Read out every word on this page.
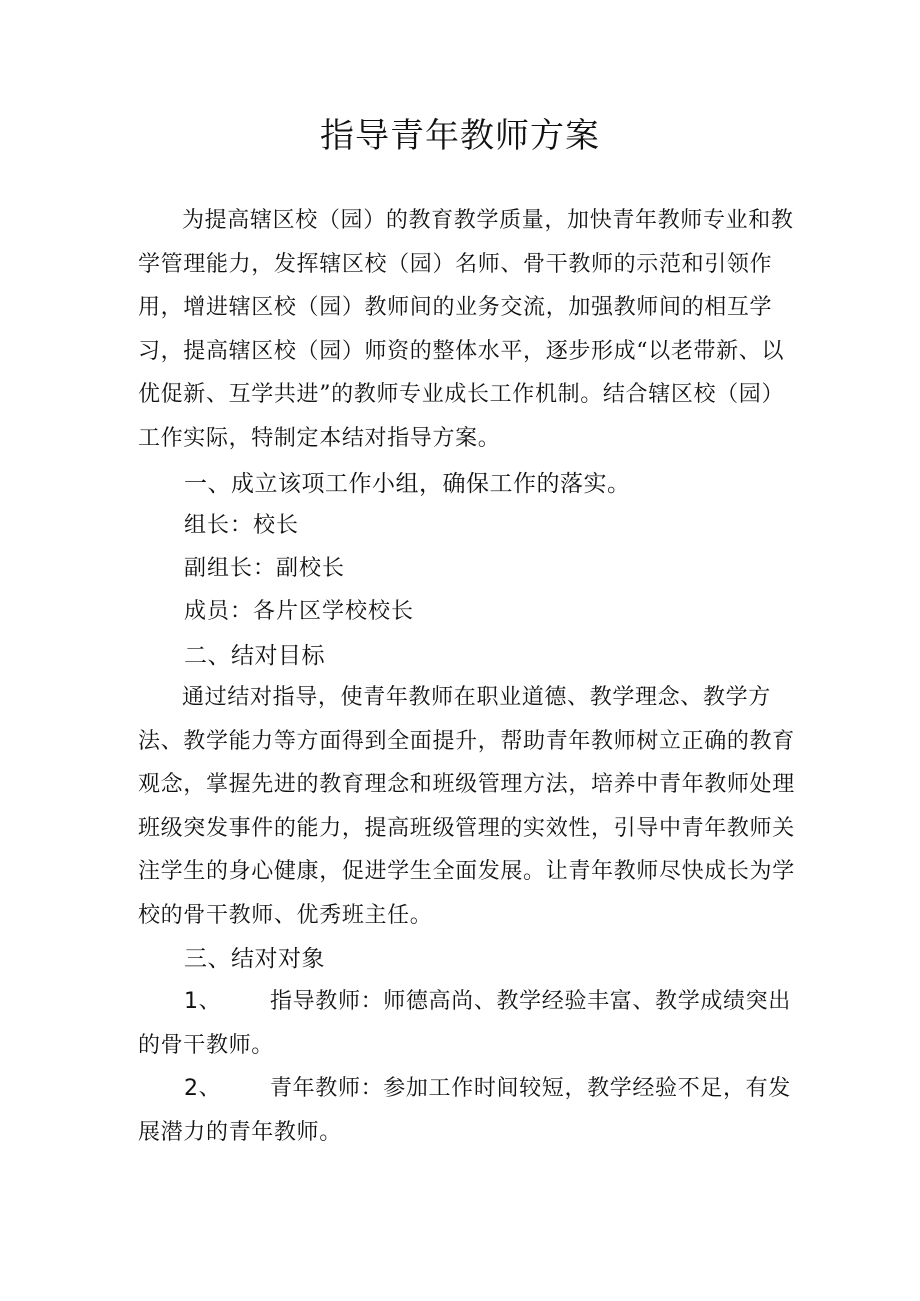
指导青年教师方案
为提高辖区校（园）的教育教学质量，加快青年教师专业和教学管理能力，发挥辖区校（园）名师、骨干教师的示范和引领作用，增进辖区校（园）教师间的业务交流，加强教师间的相互学习，提高辖区校（园）师资的整体水平，逐步形成“以老带新、以优促新、互学共进”的教师专业成长工作机制。结合辖区校（园）工作实际，特制定本结对指导方案。
一、成立该项工作小组，确保工作的落实。
组长：校长
副组长：副校长
成员：各片区学校校长
二、结对目标
通过结对指导，使青年教师在职业道德、教学理念、教学方法、教学能力等方面得到全面提升，帮助青年教师树立正确的教育观念，掌握先进的教育理念和班级管理方法，培养中青年教师处理班级突发事件的能力，提高班级管理的实效性，引导中青年教师关注学生的身心健康，促进学生全面发展。让青年教师尽快成长为学校的骨干教师、优秀班主任。
三、结对对象
1、 指导教师：师德高尚、教学经验丰富、教学成绩突出的骨干教师。
2、 青年教师：参加工作时间较短，教学经验不足，有发展潜力的青年教师。
